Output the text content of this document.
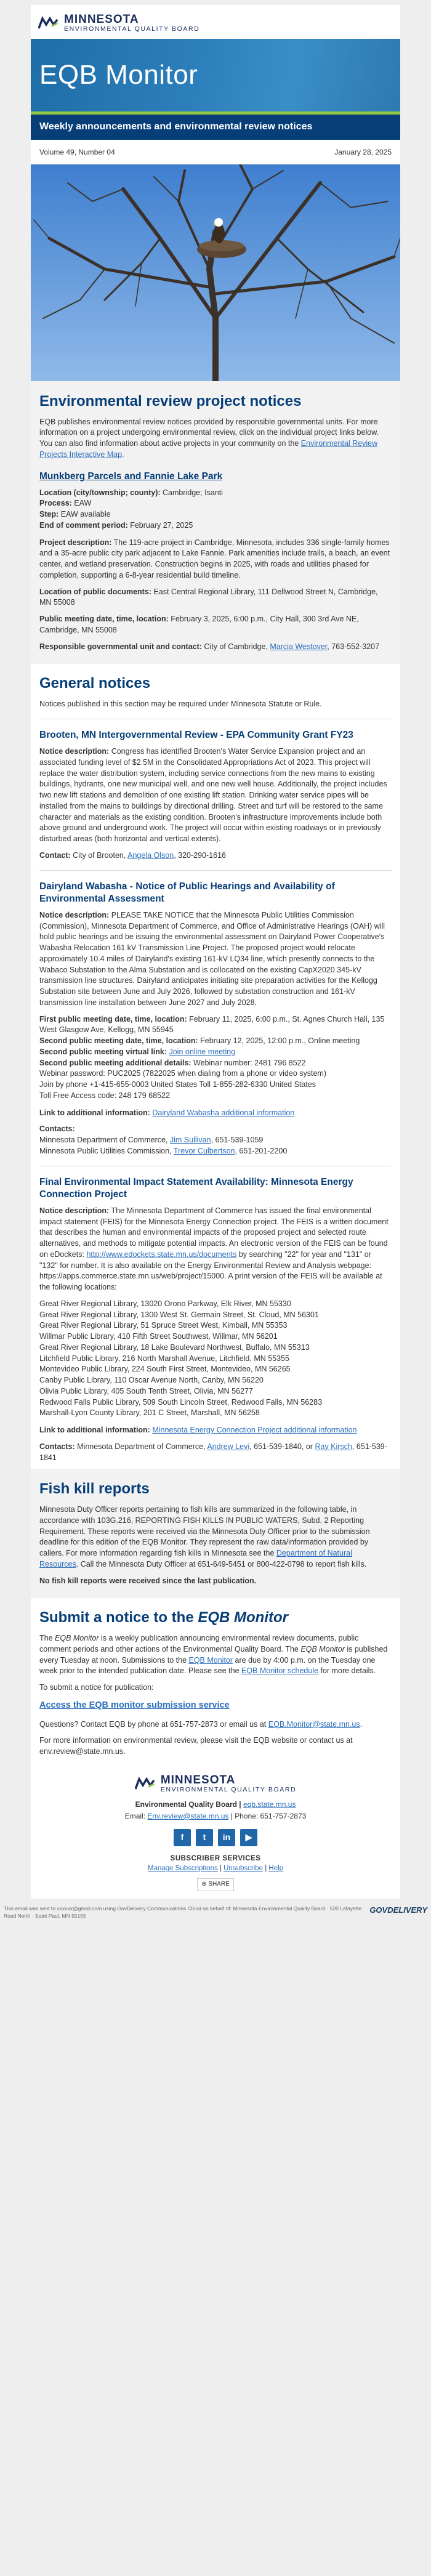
MINNESOTA
ENVIRONMENTAL QUALITY BOARD
EQB Monitor
Weekly announcements and environmental review notices
Volume 49, Number 04	January 28, 2025
Environmental review project notices

EQB publishes environmental review notices provided by responsible governmental units. For more information on a project undergoing environmental review, click on the individual project links below. You can also find information about active projects in your community on the Environmental Review Projects Interactive Map.

Munkberg Parcels and Fannie Lake Park

Location (city/township; county): Cambridge; Isanti

Process: EAW

Step: EAW available

End of comment period: February 27, 2025

Project description: The 119-acre project in Cambridge, Minnesota, includes 336 single-family homes and a 35-acre public city park adjacent to Lake Fannie. Park amenities include trails, a beach, an event center, and wetland preservation. Construction begins in 2025, with roads and utilities phased for completion, supporting a 6-8-year residential build timeline.

Location of public documents: East Central Regional Library, 111 Dellwood Street N, Cambridge, MN 55008

Public meeting date, time, location: February 3, 2025, 6:00 p.m., City Hall, 300 3rd Ave NE, Cambridge, MN 55008

Responsible governmental unit and contact: City of Cambridge, Marcia Westover, 763-552-3207

General notices

Notices published in this section may be required under Minnesota Statute or Rule.

Brooten, MN Intergovernmental Review - EPA Community Grant FY23

Notice description: Congress has identified Brooten's Water Service Expansion project and an associated funding level of $2.5M in the Consolidated Appropriations Act of 2023. This project will replace the water distribution system, including service connections from the new mains to existing buildings, hydrants, one new municipal well, and one new well house. Additionally, the project includes two new lift stations and demolition of one existing lift station. Drinking water service pipes will be installed from the mains to buildings by directional drilling. Street and turf will be restored to the same character and materials as the existing condition. Brooten's infrastructure improvements include both above ground and underground work. The project will occur within existing roadways or in previously disturbed areas (both horizontal and vertical extents).

Contact: City of Brooten, Angela Olson, 320-290-1616

Dairyland Wabasha - Notice of Public Hearings and Availability of Environmental Assessment

Notice description: PLEASE TAKE NOTICE that the Minnesota Public Utilities Commission (Commission), Minnesota Department of Commerce, and Office of Administrative Hearings (OAH) will hold public hearings and be issuing the environmental assessment on Dairyland Power Cooperative's Wabasha Relocation 161 kV Transmission Line Project. The proposed project would relocate approximately 10.4 miles of Dairyland's existing 161-kV LQ34 line, which presently connects to the Wabaco Substation to the Alma Substation and is collocated on the existing CapX2020 345-kV transmission line structures. Dairyland anticipates initiating site preparation activities for the Kellogg Substation site between June and July 2026, followed by substation construction and 161-kV transmission line installation between June 2027 and July 2028.

First public meeting date, time, location: February 11, 2025, 6:00 p.m., St. Agnes Church Hall, 135 West Glasgow Ave, Kellogg, MN 55945

Second public meeting date, time, location: February 12, 2025, 12:00 p.m., Online meeting

Second public meeting virtual link: Join online meeting

Second public meeting additional details: Webinar number: 2481 796 8522

Webinar password: PUC2025 (7822025 when dialing from a phone or video system)

Join by phone +1-415-655-0003 United States Toll 1-855-282-6330 United States

Toll Free Access code: 248 179 68522

Link to additional information: Dairyland Wabasha additional information

Contacts:

Minnesota Department of Commerce, Jim Sullivan, 651-539-1059

Minnesota Public Utilities Commission, Trevor Culbertson, 651-201-2200

Final Environmental Impact Statement Availability: Minnesota Energy Connection Project

Notice description: The Minnesota Department of Commerce has issued the final environmental impact statement (FEIS) for the Minnesota Energy Connection project. The FEIS is a written document that describes the human and environmental impacts of the proposed project and selected route alternatives, and methods to mitigate potential impacts. An electronic version of the FEIS can be found on eDockets: http://www.edockets.state.mn.us/documents by searching "22" for year and "131" or "132" for number. It is also available on the Energy Environmental Review and Analysis webpage: https://apps.commerce.state.mn.us/web/project/15000. A print version of the FEIS will be available at the following locations:

Great River Regional Library, 13020 Orono Parkway, Elk River, MN 55330

Great River Regional Library, 1300 West St. Germain Street, St. Cloud, MN 56301

Great River Regional Library, 51 Spruce Street West, Kimball, MN 55353

Willmar Public Library, 410 Fifth Street Southwest, Willmar, MN 56201

Great River Regional Library, 18 Lake Boulevard Northwest, Buffalo, MN 55313

Litchfield Public Library, 216 North Marshall Avenue, Litchfield, MN 55355

Montevideo Public Library, 224 South First Street, Montevideo, MN 56265

Canby Public Library, 110 Oscar Avenue North, Canby, MN 56220

Olivia Public Library, 405 South Tenth Street, Olivia, MN 56277

Redwood Falls Public Library, 509 South Lincoln Street, Redwood Falls, MN 56283

Marshall-Lyon County Library, 201 C Street, Marshall, MN 56258

Link to additional information: Minnesota Energy Connection Project additional information

Contacts: Minnesota Department of Commerce, Andrew Levi, 651-539-1840, or Ray Kirsch, 651-539-1841

Fish kill reports

Minnesota Duty Officer reports pertaining to fish kills are summarized in the following table, in accordance with 103G.216, REPORTING FISH KILLS IN PUBLIC WATERS, Subd. 2 Reporting Requirement. These reports were received via the Minnesota Duty Officer prior to the submission deadline for this edition of the EQB Monitor. They represent the raw data/information provided by callers. For more information regarding fish kills in Minnesota see the Department of Natural Resources. Call the Minnesota Duty Officer at 651-649-5451 or 800-422-0798 to report fish kills.

No fish kill reports were received since the last publication.

Submit a notice to the EQB Monitor

The EQB Monitor is a weekly publication announcing environmental review documents, public comment periods and other actions of the Environmental Quality Board. The EQB Monitor is published every Tuesday at noon. Submissions to the EQB Monitor are due by 4:00 p.m. on the Tuesday one week prior to the intended publication date. Please see the EQB Monitor schedule for more details.

To submit a notice for publication:

Access the EQB monitor submission service

Questions? Contact EQB by phone at 651-757-2873 or email us at EQB.Monitor@state.mn.us.

For more information on environmental review, please visit the EQB website or contact us at env.review@state.mn.us.

MINNESOTA
ENVIRONMENTAL QUALITY BOARD
Environmental Quality Board | eqb.state.mn.us
Email: Env.review@state.mn.us | Phone: 651-757-2873
f	t	in	▶
SUBSCRIBER SERVICES
Manage Subscriptions | Unsubscribe | Help
⊕ SHARE
This email was sent to xxxxxx@gmail.com using GovDelivery Communications Cloud on behalf of: Minnesota Environmental Quality Board · 520 Lafayette Road North · Saint Paul, MN 55155
GOVDELIVERY
